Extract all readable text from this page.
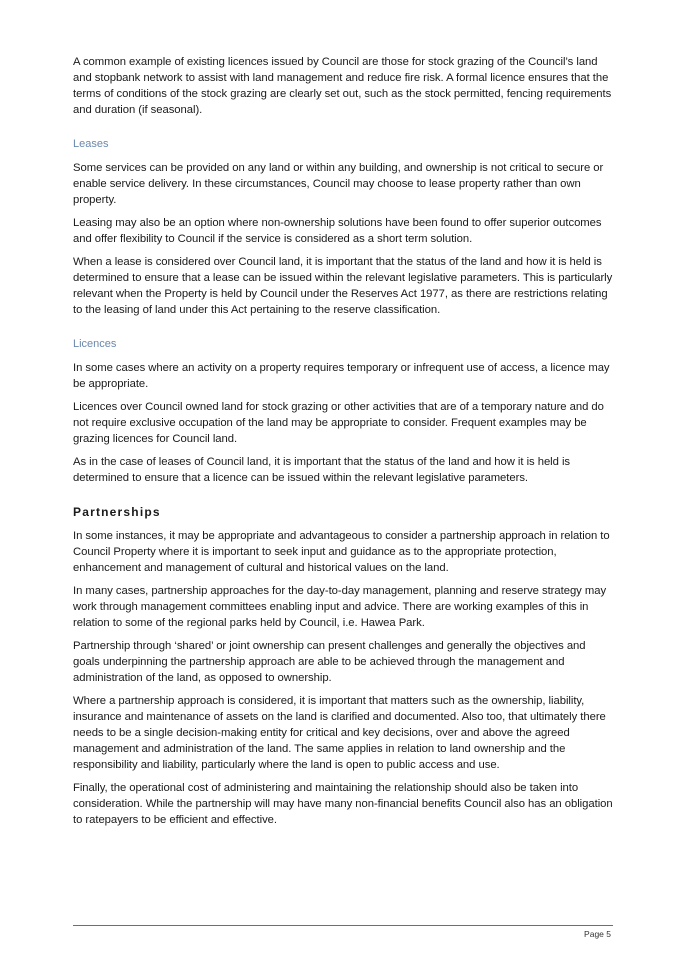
A common example of existing licences issued by Council are those for stock grazing of the Council’s land and stopbank network to assist with land management and reduce fire risk. A formal licence ensures that the terms of conditions of the stock grazing are clearly set out, such as the stock permitted, fencing requirements and duration (if seasonal).

Leases

Some services can be provided on any land or within any building, and ownership is not critical to secure or enable service delivery. In these circumstances, Council may choose to lease property rather than own property.

Leasing may also be an option where non-ownership solutions have been found to offer superior outcomes and offer flexibility to Council if the service is considered as a short term solution.

When a lease is considered over Council land, it is important that the status of the land and how it is held is determined to ensure that a lease can be issued within the relevant legislative parameters. This is particularly relevant when the Property is held by Council under the Reserves Act 1977, as there are restrictions relating to the leasing of land under this Act pertaining to the reserve classification.

Licences

In some cases where an activity on a property requires temporary or infrequent use of access, a licence may be appropriate.

Licences over Council owned land for stock grazing or other activities that are of a temporary nature and do not require exclusive occupation of the land may be appropriate to consider. Frequent examples may be grazing licences for Council land.

As in the case of leases of Council land, it is important that the status of the land and how it is held is determined to ensure that a licence can be issued within the relevant legislative parameters.

Partnerships

In some instances, it may be appropriate and advantageous to consider a partnership approach in relation to Council Property where it is important to seek input and guidance as to the appropriate protection, enhancement and management of cultural and historical values on the land.

In many cases, partnership approaches for the day-to-day management, planning and reserve strategy may work through management committees enabling input and advice. There are working examples of this in relation to some of the regional parks held by Council, i.e. Hawea Park.

Partnership through ‘shared’ or joint ownership can present challenges and generally the objectives and goals underpinning the partnership approach are able to be achieved through the management and administration of the land, as opposed to ownership.

Where a partnership approach is considered, it is important that matters such as the ownership, liability, insurance and maintenance of assets on the land is clarified and documented. Also too, that ultimately there needs to be a single decision-making entity for critical and key decisions, over and above the agreed management and administration of the land. The same applies in relation to land ownership and the responsibility and liability, particularly where the land is open to public access and use.

Finally, the operational cost of administering and maintaining the relationship should also be taken into consideration. While the partnership will may have many non-financial benefits Council also has an obligation to ratepayers to be efficient and effective.

Page 5
